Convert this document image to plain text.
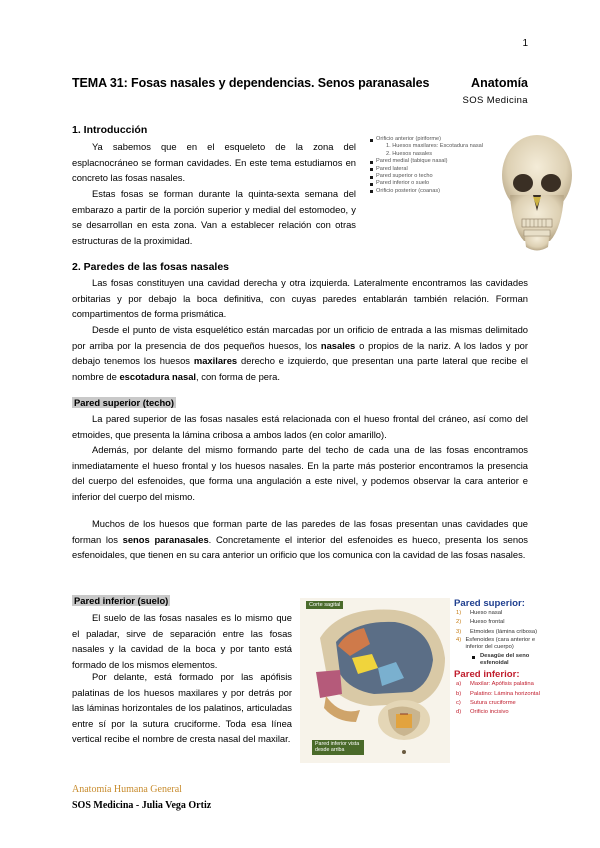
1
TEMA 31: Fosas nasales y dependencias. Senos paranasales	Anatomía
SOS Medicina
1. Introducción

Ya sabemos que en el esqueleto de la zona del esplacnocráneo se forman cavidades. En este tema estudiamos en concreto las fosas nasales.

Estas fosas se forman durante la quinta-sexta semana del embarazo a partir de la porción superior y medial del estomodeo, y se desarrollan en esta zona. Van a establecer relación con otras estructuras de la proximidad.

Orificio anterior (piriforme)
1. Huesos maxilares: Escotadura nasal
2. Huesos nasales
Pared medial (tabique nasal)
Pared lateral
Pared superior o techo
Pared inferior o suelo
Orificio posterior (coanas)
2. Paredes de las fosas nasales

Las fosas constituyen una cavidad derecha y otra izquierda. Lateralmente encontramos las cavidades orbitarias y por debajo la boca definitiva, con cuyas paredes entablarán también relación. Forman compartimentos de forma prismática.

Desde el punto de vista esquelético están marcadas por un orificio de entrada a las mismas delimitado por arriba por la presencia de dos pequeños huesos, los nasales o propios de la nariz. A los lados y por debajo tenemos los huesos maxilares derecho e izquierdo, que presentan una parte lateral que recibe el nombre de escotadura nasal, con forma de pera.

Pared superior (techo)

La pared superior de las fosas nasales está relacionada con el hueso frontal del cráneo, así como del etmoides, que presenta la lámina cribosa a ambos lados (en color amarillo).

Además, por delante del mismo formando parte del techo de cada una de las fosas encontramos inmediatamente el hueso frontal y los huesos nasales. En la parte más posterior encontramos la presencia del cuerpo del esfenoides, que forma una angulación a este nivel, y podemos observar la cara anterior e inferior del cuerpo del mismo.

Muchos de los huesos que forman parte de las paredes de las fosas presentan unas cavidades que forman los senos paranasales. Concretamente el interior del esfenoides es hueco, presenta los senos esfenoidales, que tienen en su cara anterior un orificio que los comunica con la cavidad de las fosas nasales.

Pared inferior (suelo)

El suelo de las fosas nasales es lo mismo que el paladar, sirve de separación entre las fosas nasales y la cavidad de la boca y por tanto está formado de los mismos elementos.

Por delante, está formado por las apófisis palatinas de los huesos maxilares y por detrás por las láminas horizontales de los palatinos, articuladas entre sí por la sutura cruciforme. Toda esa línea vertical recibe el nombre de cresta nasal del maxilar.

Corte sagital
Pared inferior vista desde arriba
Pared superior:
1)	Hueso nasal
2)	Hueso frontal
3)	Etmoides (lámina cribosa)
4) Esfenoides (cara anterior e inferior del cuerpo)
Desagüe del seno esfenoidal
Pared inferior:
a)	Maxilar: Apófisis palatina
b)	Palatino: Lámina horizontal
c)	Sutura cruciforme
d)	Orificio incisivo
Anatomía Humana General
SOS Medicina - Julia Vega Ortiz
